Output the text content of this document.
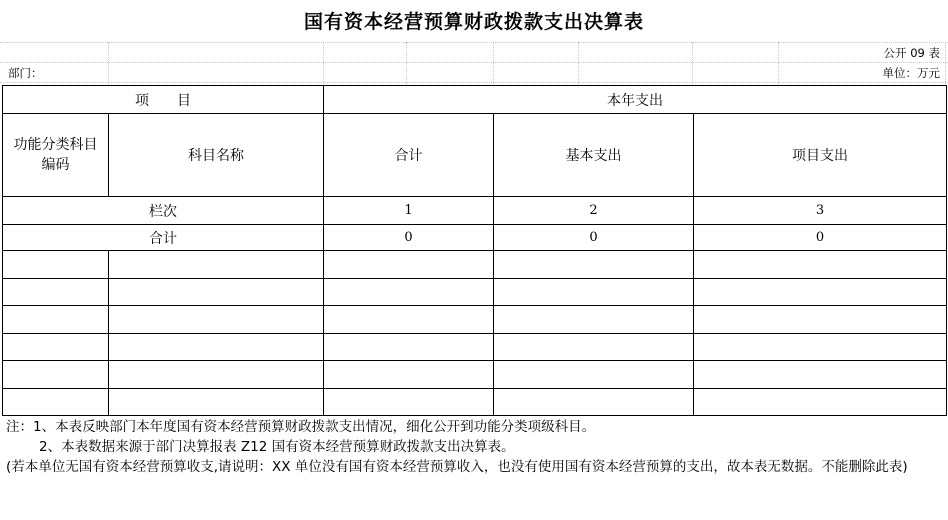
国有资本经营预算财政拨款支出决算表
公开 09 表
部门：	单位：万元
项　　目		本年支出		
功能分类科目编码	科目名称	合计	基本支出	项目支出
栏次		1	2	3
合计		0	0	0

注：1、本表反映部门本年度国有资本经营预算财政拨款支出情况，细化公开到功能分类项级科目。

2、本表数据来源于部门决算报表 Z12 国有资本经营预算财政拨款支出决算表。

(若本单位无国有资本经营预算收支,请说明：XX 单位没有国有资本经营预算收入，也没有使用国有资本经营预算的支出，故本表无数据。不能删除此表)
